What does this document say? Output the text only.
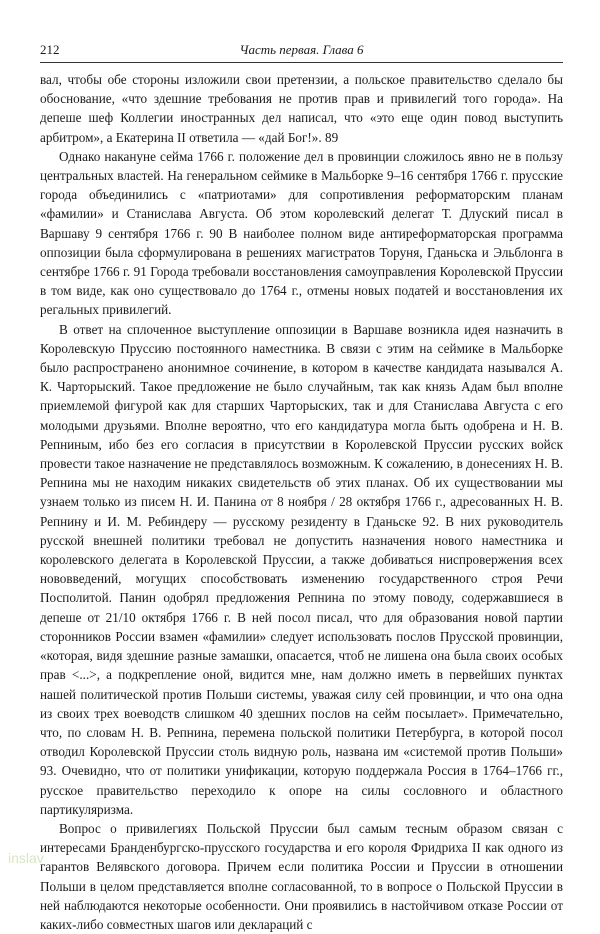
212	Часть первая. Глава 6

вал, чтобы обе стороны изложили свои претензии, а польское правительство сделало бы обоснование, «что здешние требования не против прав и привилегий того города». На депеше шеф Коллегии иностранных дел написал, что «это еще один повод выступить арбитром», а Екатерина II ответила — «дай Бог!». 89

Однако накануне сейма 1766 г. положение дел в провинции сложилось явно не в пользу центральных властей. На генеральном сеймике в Мальборке 9–16 сентября 1766 г. прусские города объединились с «патриотами» для сопротивления реформаторским планам «фамилии» и Станислава Августа. Об этом королевский делегат Т. Длуский писал в Варшаву 9 сентября 1766 г. 90 В наиболее полном виде антиреформаторская программа оппозиции была сформулирована в решениях магистратов Торуня, Гданьска и Эльблонга в сентябре 1766 г. 91 Города требовали восстановления самоуправления Королевской Пруссии в том виде, как оно существовало до 1764 г., отмены новых податей и восстановления их регальных привилегий.

В ответ на сплоченное выступление оппозиции в Варшаве возникла идея назначить в Королевскую Пруссию постоянного наместника. В связи с этим на сеймике в Мальборке было распространено анонимное сочинение, в котором в качестве кандидата назывался А. К. Чарторыский. Такое предложение не было случайным, так как князь Адам был вполне приемлемой фигурой как для старших Чарторыских, так и для Станислава Августа с его молодыми друзьями. Вполне вероятно, что его кандидатура могла быть одобрена и Н. В. Репниным, ибо без его согласия в присутствии в Королевской Пруссии русских войск провести такое назначение не представлялось возможным. К сожалению, в донесениях Н. В. Репнина мы не находим никаких свидетельств об этих планах. Об их существовании мы узнаем только из писем Н. И. Панина от 8 ноября / 28 октября 1766 г., адресованных Н. В. Репнину и И. М. Ребиндеру — русскому резиденту в Гданьске 92. В них руководитель русской внешней политики требовал не допустить назначения нового наместника и королевского делегата в Королевской Пруссии, а также добиваться ниспровержения всех нововведений, могущих способствовать изменению государственного строя Речи Посполитой. Панин одобрял предложения Репнина по этому поводу, содержавшиеся в депеше от 21/10 октября 1766 г. В ней посол писал, что для образования новой партии сторонников России взамен «фамилии» следует использовать послов Прусской провинции, «которая, видя здешние разные замашки, опасается, чтоб не лишена она была своих особых прав <...>, а подкрепление оной, видится мне, нам должно иметь в первейших пунктах нашей политической против Польши системы, уважая силу сей провинции, и что она одна из своих трех воеводств слишком 40 здешних послов на сейм посылает». Примечательно, что, по словам Н. В. Репнина, перемена польской политики Петербурга, в которой посол отводил Королевской Пруссии столь видную роль, названа им «системой против Польши» 93. Очевидно, что от политики унификации, которую поддержала Россия в 1764–1766 гг., русское правительство переходило к опоре на силы сословного и областного партикуляризма.

Вопрос о привилегиях Польской Пруссии был самым тесным образом связан с интересами Бранденбургско-прусского государства и его короля Фридриха II как одного из гарантов Велявского договора. Причем если политика России и Пруссии в отношении Польши в целом представляется вполне согласованной, то в вопросе о Польской Пруссии в ней наблюдаются некоторые особенности. Они проявились в настойчивом отказе России от каких-либо совместных шагов или деклараций с

inslav
